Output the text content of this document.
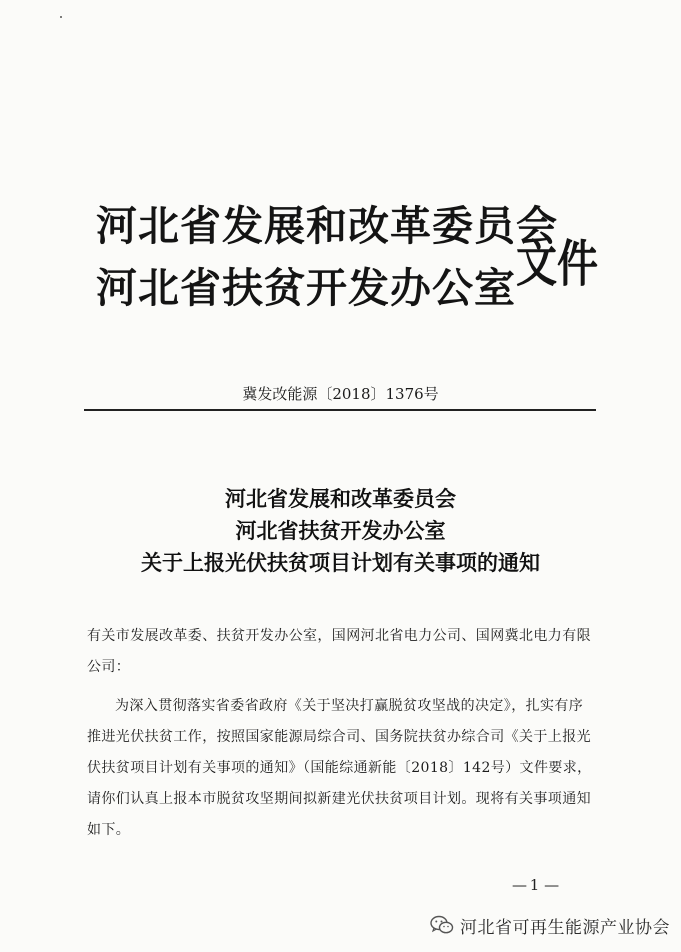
河北省发展和改革委员会
河北省扶贫开发办公室 文件
冀发改能源〔2018〕1376号
河北省发展和改革委员会
河北省扶贫开发办公室
关于上报光伏扶贫项目计划有关事项的通知

有关市发展改革委、扶贫开发办公室，国网河北省电力公司、国网冀北电力有限公司：

为深入贯彻落实省委省政府《关于坚决打赢脱贫攻坚战的决定》，扎实有序推进光伏扶贫工作，按照国家能源局综合司、国务院扶贫办综合司《关于上报光伏扶贫项目计划有关事项的通知》（国能综通新能〔2018〕142号）文件要求，请你们认真上报本市脱贫攻坚期间拟新建光伏扶贫项目计划。现将有关事项通知如下。

— 1 —
河北省可再生能源产业协会
